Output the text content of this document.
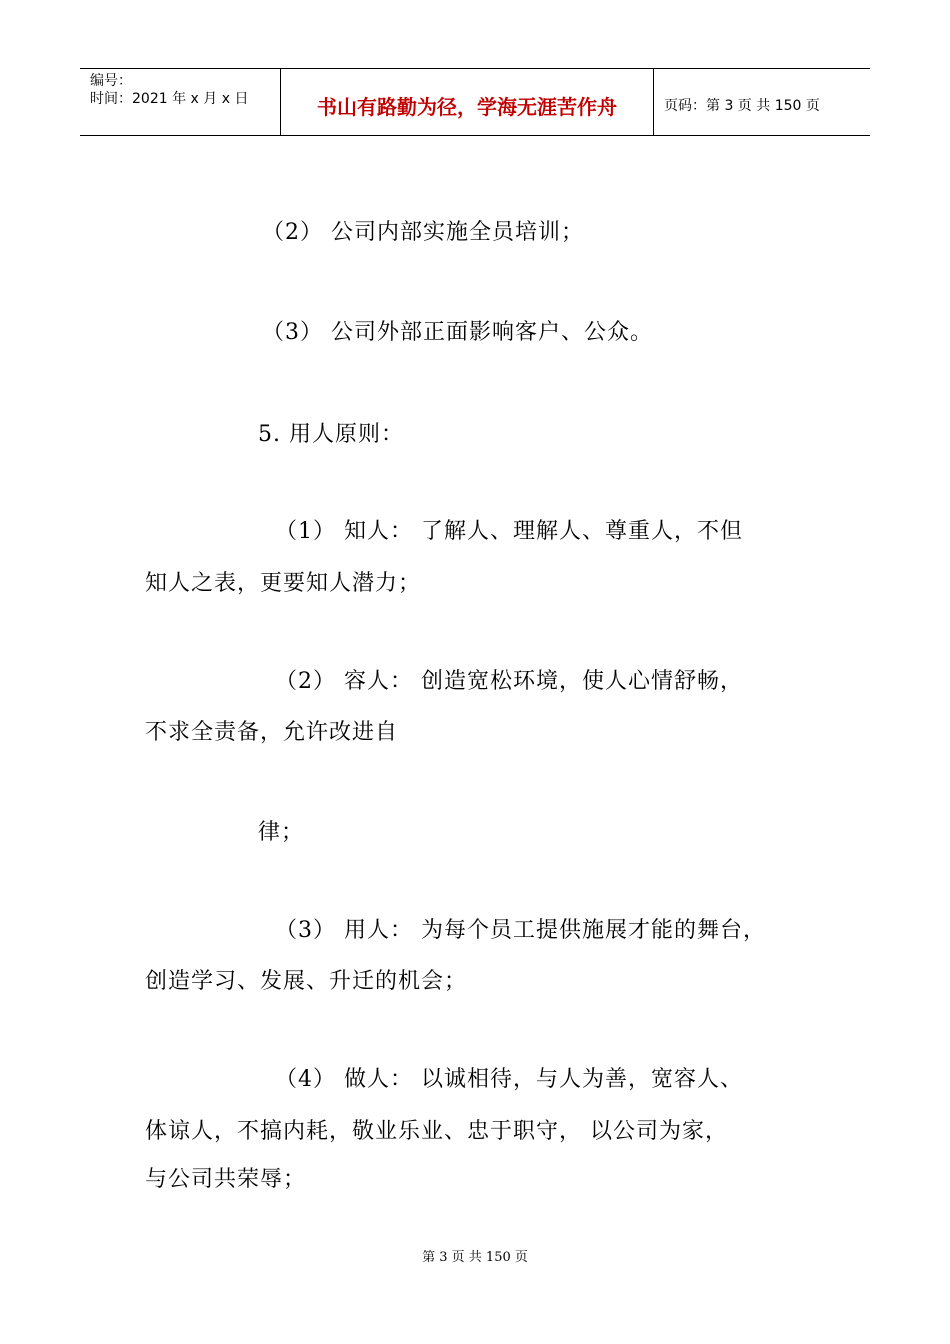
编号：
时间：2021 年 x 月 x 日	书山有路勤为径，学海无涯苦作舟	页码：第 3 页 共 150 页
（2） 公司内部实施全员培训；
（3） 公司外部正面影响客户、公众。
5. 用人原则：
（1） 知人： 了解人、理解人、尊重人，不但
知人之表，更要知人潜力；
（2） 容人： 创造宽松环境，使人心情舒畅，
不求全责备，允许改进自
律；
（3） 用人： 为每个员工提供施展才能的舞台，
创造学习、发展、升迁的机会；
（4） 做人： 以诚相待，与人为善，宽容人、
体谅人，不搞内耗，敬业乐业、忠于职守， 以公司为家，
与公司共荣辱；
第 3 页 共 150 页
